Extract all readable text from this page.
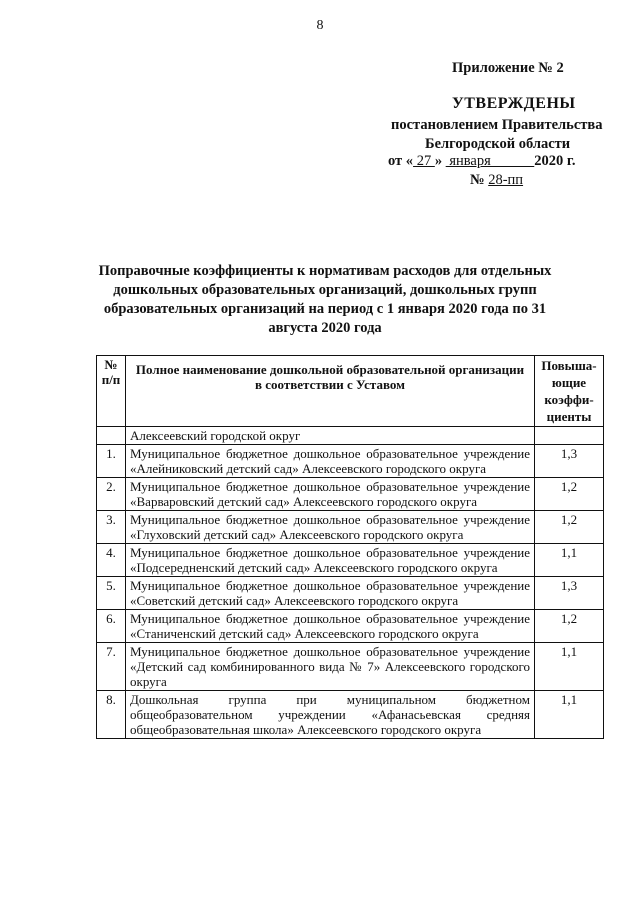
8
Приложение № 2
УТВЕРЖДЕНЫ
постановлением Правительства
Белгородской области
от « 27 »  января            2020 г.
№ 28-пп
Поправочные коэффициенты к нормативам расходов для отдельных дошкольных образовательных организаций, дошкольных групп образовательных организаций на период с 1 января 2020 года по 31 августа 2020 года
№ п/п	Полное наименование дошкольной образовательной организации в соответствии с Уставом	Повыша-ющие коэффи-циенты
	Алексеевский городской округ	
1.	Муниципальное бюджетное дошкольное образовательное учреждение «Алейниковский детский сад» Алексеевского городского округа	1,3
2.	Муниципальное бюджетное дошкольное образовательное учреждение «Варваровский детский сад» Алексеевского городского округа	1,2
3.	Муниципальное бюджетное дошкольное образовательное учреждение «Глуховский детский сад» Алексеевского городского округа	1,2
4.	Муниципальное бюджетное дошкольное образовательное учреждение «Подсередненский детский сад» Алексеевского городского округа	1,1
5.	Муниципальное бюджетное дошкольное образовательное учреждение «Советский детский сад» Алексеевского городского округа	1,3
6.	Муниципальное бюджетное дошкольное образовательное учреждение «Станиченский детский сад» Алексеевского городского округа	1,2
7.	Муниципальное бюджетное дошкольное образовательное учреждение «Детский сад комбинированного вида № 7» Алексеевского городского округа	1,1
8.	Дошкольная группа при муниципальном бюджетном общеобразовательном учреждении «Афанасьевская средняя общеобразовательная школа» Алексеевского городского округа	1,1
